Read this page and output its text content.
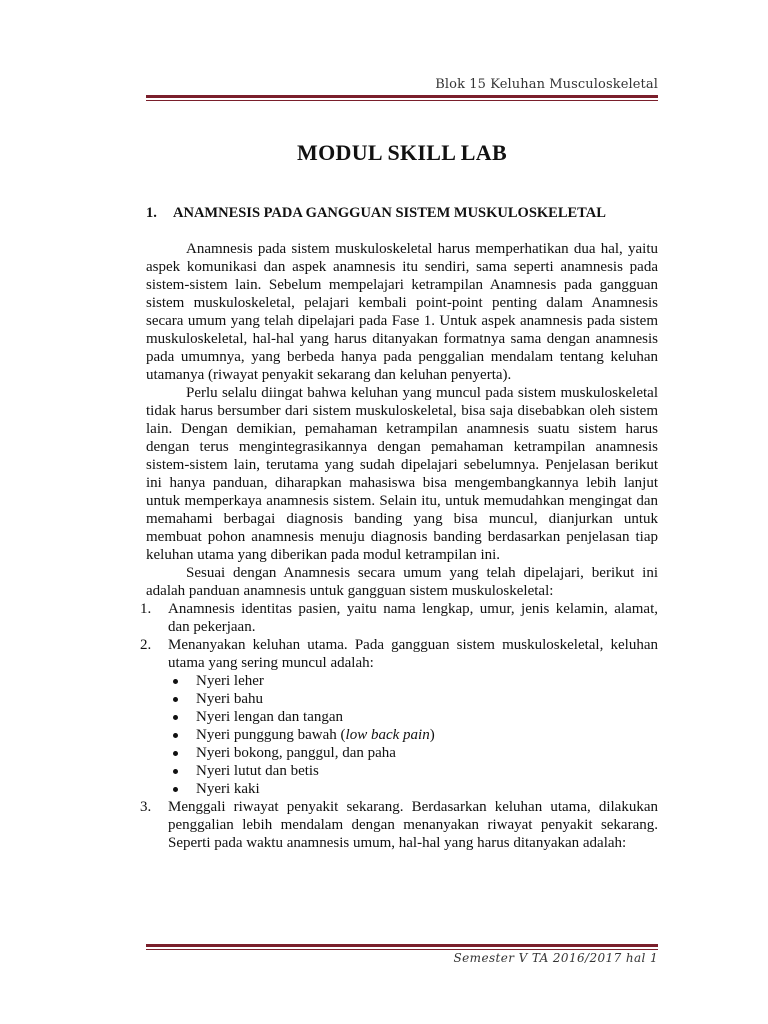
Blok 15 Keluhan Musculoskeletal
MODUL SKILL LAB
1. ANAMNESIS PADA GANGGUAN SISTEM MUSKULOSKELETAL

Anamnesis pada sistem muskuloskeletal harus memperhatikan dua hal, yaitu aspek komunikasi dan aspek anamnesis itu sendiri, sama seperti anamnesis pada sistem-sistem lain. Sebelum mempelajari ketrampilan Anamnesis pada gangguan sistem muskuloskeletal, pelajari kembali point-point penting dalam Anamnesis secara umum yang telah dipelajari pada Fase 1. Untuk aspek anamnesis pada sistem muskuloskeletal, hal-hal yang harus ditanyakan formatnya sama dengan anamnesis pada umumnya, yang berbeda hanya pada penggalian mendalam tentang keluhan utamanya (riwayat penyakit sekarang dan keluhan penyerta).

Perlu selalu diingat bahwa keluhan yang muncul pada sistem muskuloskeletal tidak harus bersumber dari sistem muskuloskeletal, bisa saja disebabkan oleh sistem lain. Dengan demikian, pemahaman ketrampilan anamnesis suatu sistem harus dengan terus mengintegrasikannya dengan pemahaman ketrampilan anamnesis sistem-sistem lain, terutama yang sudah dipelajari sebelumnya. Penjelasan berikut ini hanya panduan, diharapkan mahasiswa bisa mengembangkannya lebih lanjut untuk memperkaya anamnesis sistem. Selain itu, untuk memudahkan mengingat dan memahami berbagai diagnosis banding yang bisa muncul, dianjurkan untuk membuat pohon anamnesis menuju diagnosis banding berdasarkan penjelasan tiap keluhan utama yang diberikan pada modul ketrampilan ini.

Sesuai dengan Anamnesis secara umum yang telah dipelajari, berikut ini adalah panduan anamnesis untuk gangguan sistem muskuloskeletal:

1. Anamnesis identitas pasien, yaitu nama lengkap, umur, jenis kelamin, alamat, dan pekerjaan.
2. Menanyakan keluhan utama. Pada gangguan sistem muskuloskeletal, keluhan utama yang sering muncul adalah:
Nyeri leher
Nyeri bahu
Nyeri lengan dan tangan
Nyeri punggung bawah (low back pain)
Nyeri bokong, panggul, dan paha
Nyeri lutut dan betis
Nyeri kaki
3. Menggali riwayat penyakit sekarang. Berdasarkan keluhan utama, dilakukan penggalian lebih mendalam dengan menanyakan riwayat penyakit sekarang. Seperti pada waktu anamnesis umum, hal-hal yang harus ditanyakan adalah:
Semester V TA 2016/2017 hal 1
